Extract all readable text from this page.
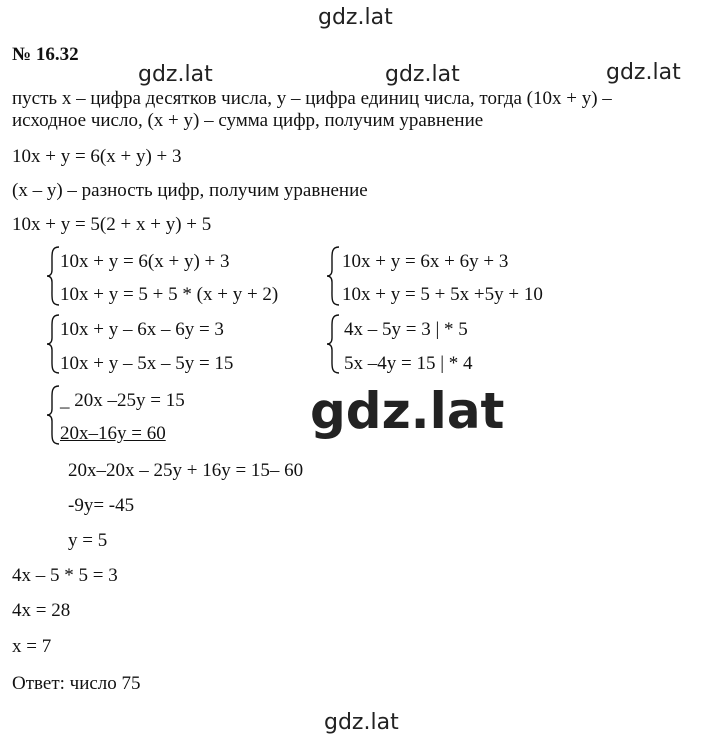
gdz.lat
gdz.lat	gdz.lat	gdz.lat
gdz.lat
gdz.lat
№ 16.32
пусть х – цифра десятков числа, у – цифра единиц числа, тогда (10х + у) –
исходное число, (х + у) – сумма цифр, получим уравнение
10х + у = 6(х + у) + 3
(х – у) – разность цифр, получим уравнение
10х + у = 5(2 + х + у) + 5
10х + у = 6(х + у) + 3
10х + у = 5 + 5 * (х + у + 2)
10х + у = 6х + 6у + 3
10х + у = 5 + 5х +5у + 10
10х + у – 6х – 6у = 3
10х + у – 5х – 5у = 15
4х – 5у = 3 | * 5
5х –4у = 15 | * 4
_ 20х –25у = 15
20х–16у = 60
20х–20х – 25у + 16у = 15– 60
-9у= -45
у = 5
4х – 5 * 5 = 3
4х = 28
х = 7
Ответ: число 75
